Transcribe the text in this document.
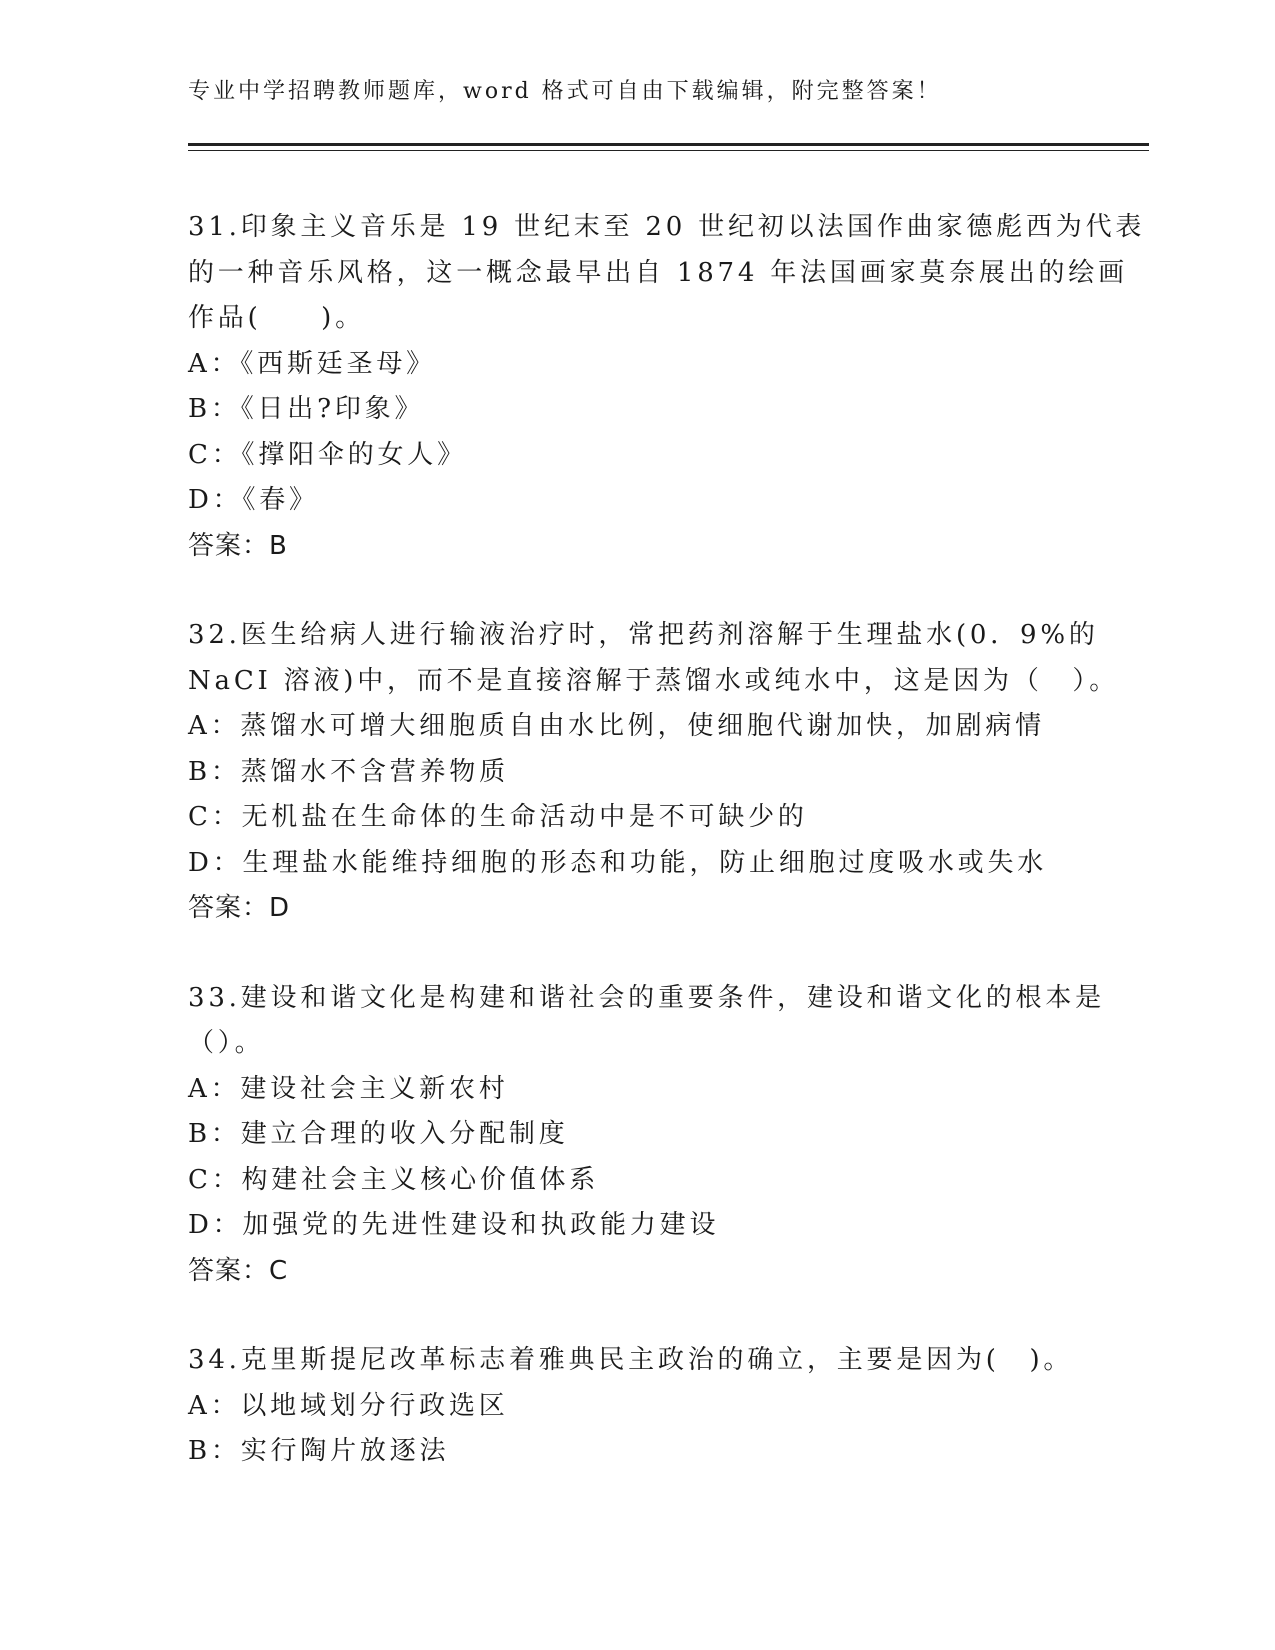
专业中学招聘教师题库，word 格式可自由下载编辑，附完整答案！

31.印象主义音乐是 19 世纪末至 20 世纪初以法国作曲家德彪西为代表

的一种音乐风格，这一概念最早出自 1874 年法国画家莫奈展出的绘画

作品(　　)。

A：《西斯廷圣母》

B：《日出?印象》

C：《撑阳伞的女人》

D：《春》

答案：B

32.医生给病人进行输液治疗时，常把药剂溶解于生理盐水(0．9%的

NaCI 溶液)中，而不是直接溶解于蒸馏水或纯水中，这是因为（　）。

A：蒸馏水可增大细胞质自由水比例，使细胞代谢加快，加剧病情

B：蒸馏水不含营养物质

C：无机盐在生命体的生命活动中是不可缺少的

D：生理盐水能维持细胞的形态和功能，防止细胞过度吸水或失水

答案：D

33.建设和谐文化是构建和谐社会的重要条件，建设和谐文化的根本是

（）。

A：建设社会主义新农村

B：建立合理的收入分配制度

C：构建社会主义核心价值体系

D：加强党的先进性建设和执政能力建设

答案：C

34.克里斯提尼改革标志着雅典民主政治的确立，主要是因为(　)。

A：以地域划分行政选区

B：实行陶片放逐法
